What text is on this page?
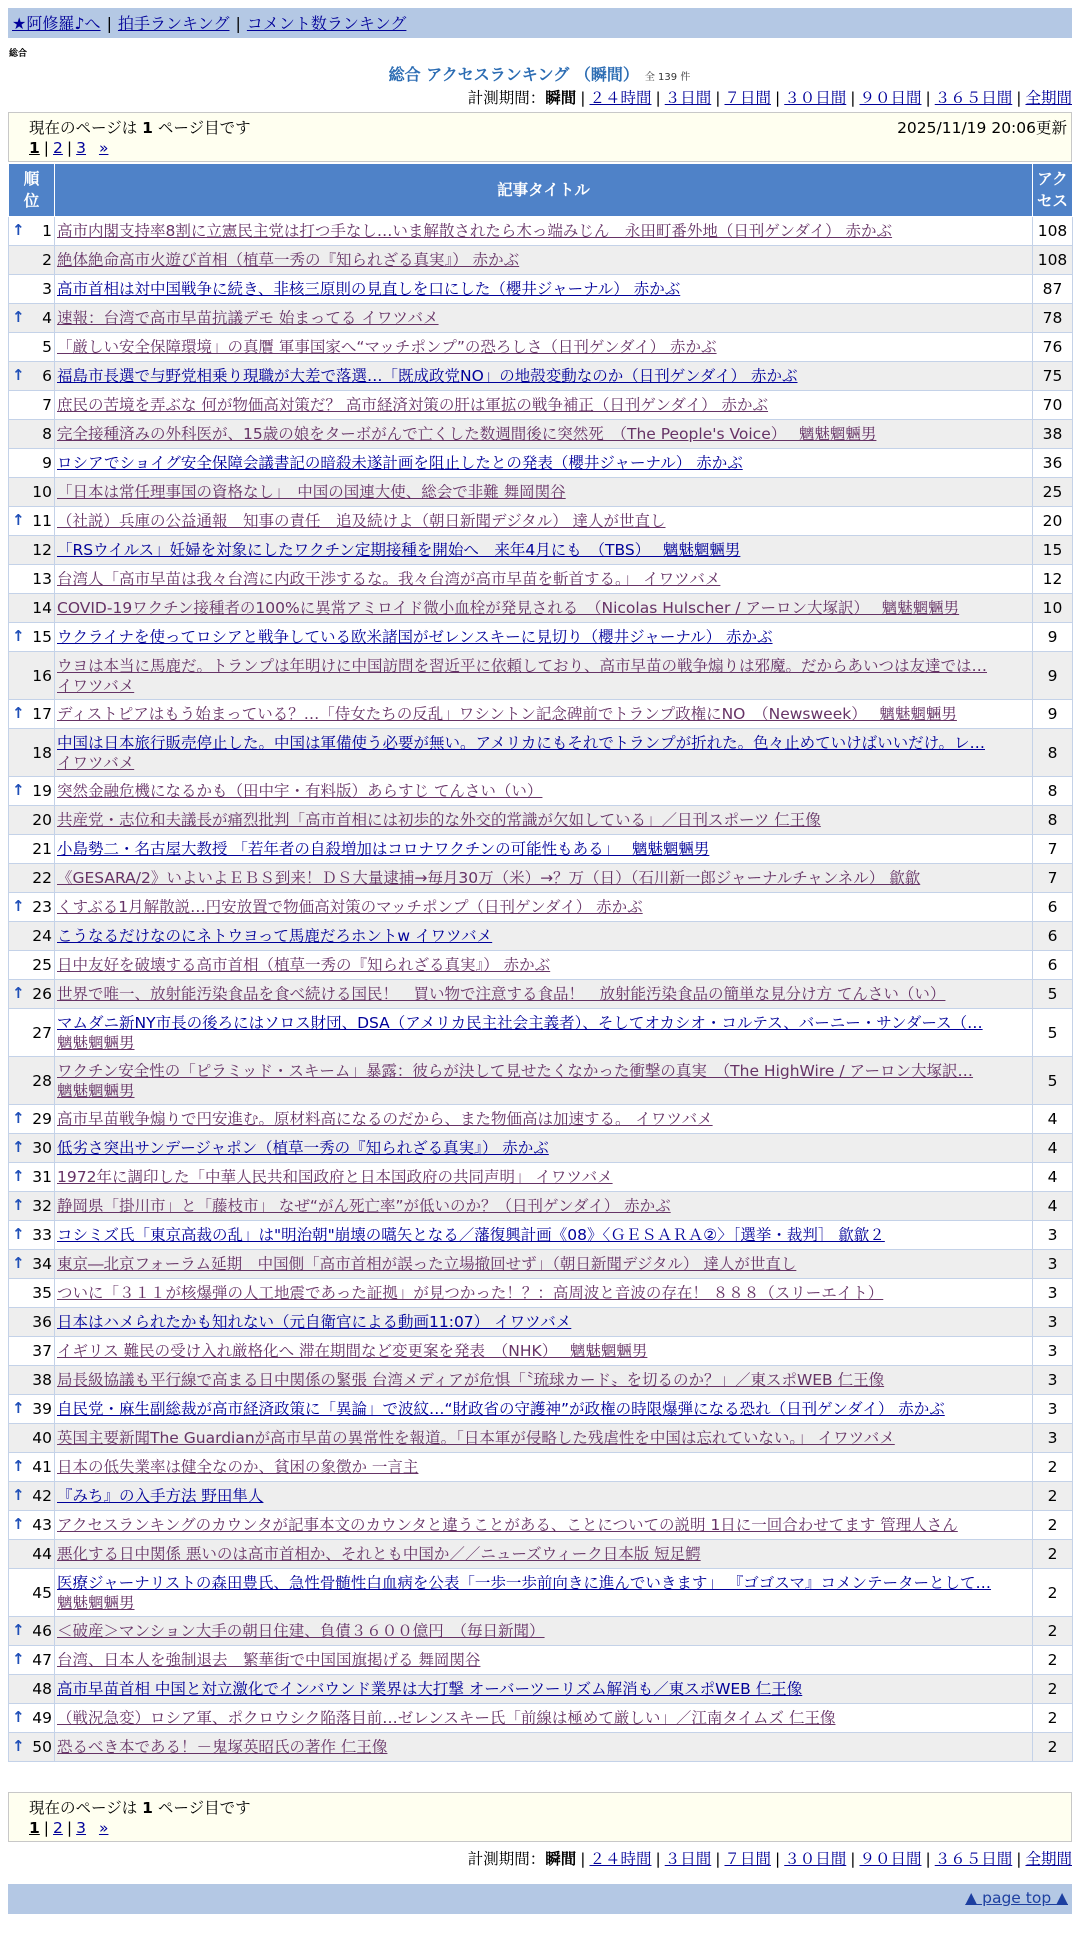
★阿修羅♪へ | 拍手ランキング | コメント数ランキング
総合
総合 アクセスランキング （瞬間） 全 139 件
計測期間：瞬間 | ２４時間 | ３日間 | ７日間 | ３０日間 | ９０日間 | ３６５日間 | 全期間
現在のページは 1 ページ目です	2025/11/19 20:06更新
1 | 2 | 3 »
順位	記事タイトル	アクセス

↑ 1	高市内閣支持率8割に立憲民主党は打つ手なし…いま解散されたら木っ端みじん　永田町番外地（日刊ゲンダイ） 赤かぶ	108
2	絶体絶命高市火遊び首相（植草一秀の『知られざる真実』） 赤かぶ	108
3	高市首相は対中国戦争に続き、非核三原則の見直しを口にした（櫻井ジャーナル） 赤かぶ	87

↑ 4	速報：台湾で高市早苗抗議デモ 始まってる イワツバメ	78
5	「厳しい安全保障環境」の真贋 軍事国家へ“マッチポンプ”の恐ろしさ（日刊ゲンダイ） 赤かぶ	76

↑ 6	福島市長選で与野党相乗り現職が大差で落選…「既成政党NO」の地殻変動なのか（日刊ゲンダイ） 赤かぶ	75
7	庶民の苦境を弄ぶな 何が物価高対策だ？ 高市経済対策の肝は軍拡の戦争補正（日刊ゲンダイ） 赤かぶ	70
8	完全接種済みの外科医が、15歳の娘をターボがんで亡くした数週間後に突然死　（The People's Voice）　 魑魅魍魎男	38
9	ロシアでショイグ安全保障会議書記の暗殺未遂計画を阻止したとの発表（櫻井ジャーナル） 赤かぶ	36
10	「日本は常任理事国の資格なし」　中国の国連大使、総会で非難 舞岡関谷	25

↑ 11	（社説）兵庫の公益通報　知事の責任　追及続けよ（朝日新聞デジタル） 達人が世直し	20
12	「RSウイルス」妊婦を対象にしたワクチン定期接種を開始へ　来年4月にも　（TBS）　 魑魅魍魎男	15
13	台湾人「高市早苗は我々台湾に内政干渉するな。我々台湾が高市早苗を斬首する。」 イワツバメ	12
14	COVID-19ワクチン接種者の100%に異常アミロイド微小血栓が発見される　（Nicolas Hulscher / アーロン大塚訳）　 魑魅魍魎男	10

↑ 15	ウクライナを使ってロシアと戦争している欧米諸国がゼレンスキーに見切り（櫻井ジャーナル） 赤かぶ	9
16	ウヨは本当に馬鹿だ。トランプは年明けに中国訪問を習近平に依頼しており、高市早苗の戦争煽りは邪魔。だからあいつは友達では…
イワツバメ	9

↑ 17	ディストピアはもう始まっている？…「侍女たちの反乱」ワシントン記念碑前でトランプ政権にNO　（Newsweek）　 魑魅魍魎男	9
18	中国は日本旅行販売停止した。中国は軍備使う必要が無い。アメリカにもそれでトランプが折れた。色々止めていけばいいだけ。レ…
イワツバメ	8

↑ 19	突然金融危機になるかも（田中宇・有料版）あらすじ てんさい（い）	8
20	共産党・志位和夫議長が痛烈批判「高市首相には初歩的な外交的常識が欠如している」／日刊スポーツ 仁王像	8
21	小島勢二・名古屋大教授 「若年者の自殺増加はコロナワクチンの可能性もある」　 魑魅魍魎男	7
22	《GESARA/2》いよいよＥＢＳ到来！ＤＳ大量逮捕→毎月30万（米）→？万（日）（石川新一郎ジャーナルチャンネル） 歙歙	7

↑ 23	くすぶる1月解散説…円安放置で物価高対策のマッチポンプ（日刊ゲンダイ） 赤かぶ	6
24	こうなるだけなのにネトウヨって馬鹿だろホントw イワツバメ	6
25	日中友好を破壊する高市首相（植草一秀の『知られざる真実』） 赤かぶ	6

↑ 26	世界で唯一、放射能汚染食品を食べ続ける国民！　買い物で注意する食品！　放射能汚染食品の簡単な見分け方 てんさい（い）	5
27	マムダニ新NY市長の後ろにはソロス財団、DSA（アメリカ民主社会主義者）、そしてオカシオ・コルテス、バーニー・サンダース（…
魑魅魍魎男	5
28	ワクチン安全性の「ピラミッド・スキーム」暴露：彼らが決して見せたくなかった衝撃の真実　（The HighWire / アーロン大塚訳…
魑魅魍魎男	5

↑ 29	高市早苗戦争煽りで円安進む。原材料高になるのだから、また物価高は加速する。 イワツバメ	4

↑ 30	低劣さ突出サンデージャポン（植草一秀の『知られざる真実』） 赤かぶ	4

↑ 31	1972年に調印した「中華人民共和国政府と日本国政府の共同声明」 イワツバメ	4

↑ 32	静岡県「掛川市」と「藤枝市」 なぜ“がん死亡率”が低いのか？（日刊ゲンダイ） 赤かぶ	4

↑ 33	コシミズ氏「東京高裁の乱」は"明治朝"崩壊の嚆矢となる／藩復興計画《08》〈ＧＥＳＡＲＡ②〉［選挙・裁判］ 歙歙２	3

↑ 34	東京―北京フォーラム延期　中国側「高市首相が誤った立場撤回せず」（朝日新聞デジタル） 達人が世直し	3
35	ついに「３１１が核爆弾の人工地震であった証拠」が見つかった！？：高周波と音波の存在！ ８８８（スリーエイト）	3
36	日本はハメられたかも知れない（元自衛官による動画11:07） イワツバメ	3
37	イギリス 難民の受け入れ厳格化へ 滞在期間など変更案を発表　（NHK）　 魑魅魍魎男	3
38	局長級協議も平行線で高まる日中関係の緊張 台湾メディアが危惧「〝琉球カード〟を切るのか？」／東スポWEB 仁王像	3

↑ 39	自民党・麻生副総裁が高市経済政策に「異論」で波紋…“財政省の守護神”が政権の時限爆弾になる恐れ（日刊ゲンダイ） 赤かぶ	3
40	英国主要新聞The Guardianが高市早苗の異常性を報道。「日本軍が侵略した残虐性を中国は忘れていない。」 イワツバメ	3

↑ 41	日本の低失業率は健全なのか、貧困の象徴か 一言主	2

↑ 42	『みち』の入手方法 野田隼人	2

↑ 43	アクセスランキングのカウンタが記事本文のカウンタと違うことがある、ことについての説明 1日に一回合わせてます 管理人さん	2
44	悪化する日中関係 悪いのは高市首相か、それとも中国か／／ニューズウィーク日本版 短足鰐	2
45	医療ジャーナリストの森田豊氏、急性骨髄性白血病を公表「一歩一歩前向きに進んでいきます」 『ゴゴスマ』コメンテーターとして…
魑魅魍魎男	2

↑ 46	＜破産＞マンション大手の朝日住建、負債３６００億円　（毎日新聞）	2

↑ 47	台湾、日本人を強制退去　繁華街で中国国旗掲げる 舞岡関谷	2
48	高市早苗首相 中国と対立激化でインバウンド業界は大打撃 オーバーツーリズム解消も／東スポWEB 仁王像	2

↑ 49	（戦況急変）ロシア軍、ポクロウシク陥落目前…ゼレンスキー氏「前線は極めて厳しい」／江南タイムズ 仁王像	2

↑ 50	恐るべき本である！－鬼塚英昭氏の著作 仁王像	2
現在のページは 1 ページ目です
1 | 2 | 3 »
計測期間：瞬間 | ２４時間 | ３日間 | ７日間 | ３０日間 | ９０日間 | ３６５日間 | 全期間
▲ page top ▲
